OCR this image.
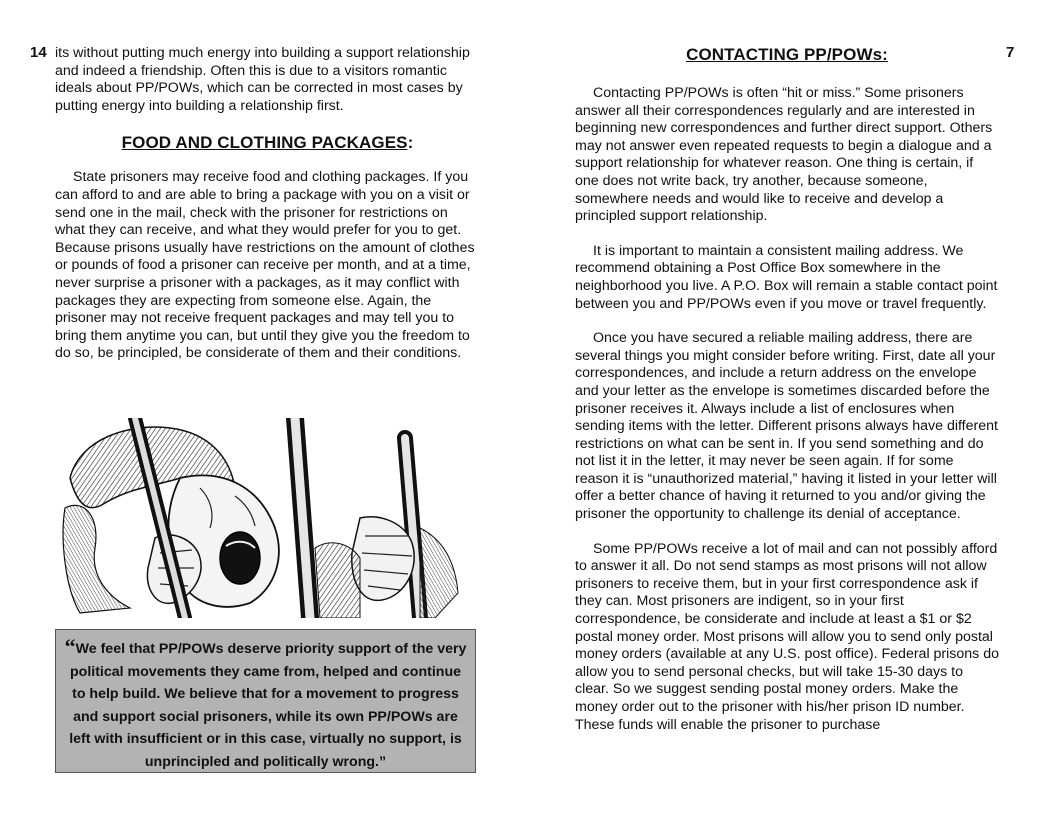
14 its without putting much energy into building a support relationship and indeed a friendship. Often this is due to a visitors romantic ideals about PP/POWs, which can be corrected in most cases by putting energy into building a relationship first.

FOOD AND CLOTHING PACKAGES:

State prisoners may receive food and clothing packages. If you can afford to and are able to bring a package with you on a visit or send one in the mail, check with the prisoner for restrictions on what they can receive, and what they would prefer for you to get. Because prisons usually have restrictions on the amount of clothes or pounds of food a prisoner can receive per month, and at a time, never surprise a prisoner with a packages, as it may conflict with packages they are expecting from someone else. Again, the prisoner may not receive frequent packages and may tell you to bring them anytime you can, but until they give you the freedom to do so, be principled, be considerate of them and their conditions.

“We feel that PP/POWs deserve priority support of the very political movements they came from, helped and continue to help build. We believe that for a movement to progress and support social prisoners, while its own PP/POWs are left with insufficient or in this case, virtually no support, is unprincipled and politically wrong.”

7
CONTACTING PP/POWs:

Contacting PP/POWs is often “hit or miss.” Some prisoners answer all their correspondences regularly and are interested in beginning new correspondences and further direct support. Others may not answer even repeated requests to begin a dialogue and a support relationship for whatever reason. One thing is certain, if one does not write back, try another, because someone, somewhere needs and would like to receive and develop a principled support relationship.

It is important to maintain a consistent mailing address. We recommend obtaining a Post Office Box somewhere in the neighborhood you live. A P.O. Box will remain a stable contact point between you and PP/POWs even if you move or travel frequently.

Once you have secured a reliable mailing address, there are several things you might consider before writing. First, date all your correspondences, and include a return address on the envelope and your letter as the envelope is sometimes discarded before the prisoner receives it. Always include a list of enclosures when sending items with the letter. Different prisons always have different restrictions on what can be sent in. If you send something and do not list it in the letter, it may never be seen again. If for some reason it is “unauthorized material,” having it listed in your letter will offer a better chance of having it returned to you and/or giving the prisoner the opportunity to challenge its denial of acceptance.

Some PP/POWs receive a lot of mail and can not possibly afford to answer it all. Do not send stamps as most prisons will not allow prisoners to receive them, but in your first correspondence ask if they can. Most prisoners are indigent, so in your first correspondence, be considerate and include at least a $1 or $2 postal money order. Most prisons will allow you to send only postal money orders (available at any U.S. post office). Federal prisons do allow you to send personal checks, but will take 15-30 days to clear. So we suggest sending postal money orders. Make the money order out to the prisoner with his/her prison ID number. These funds will enable the prisoner to purchase
